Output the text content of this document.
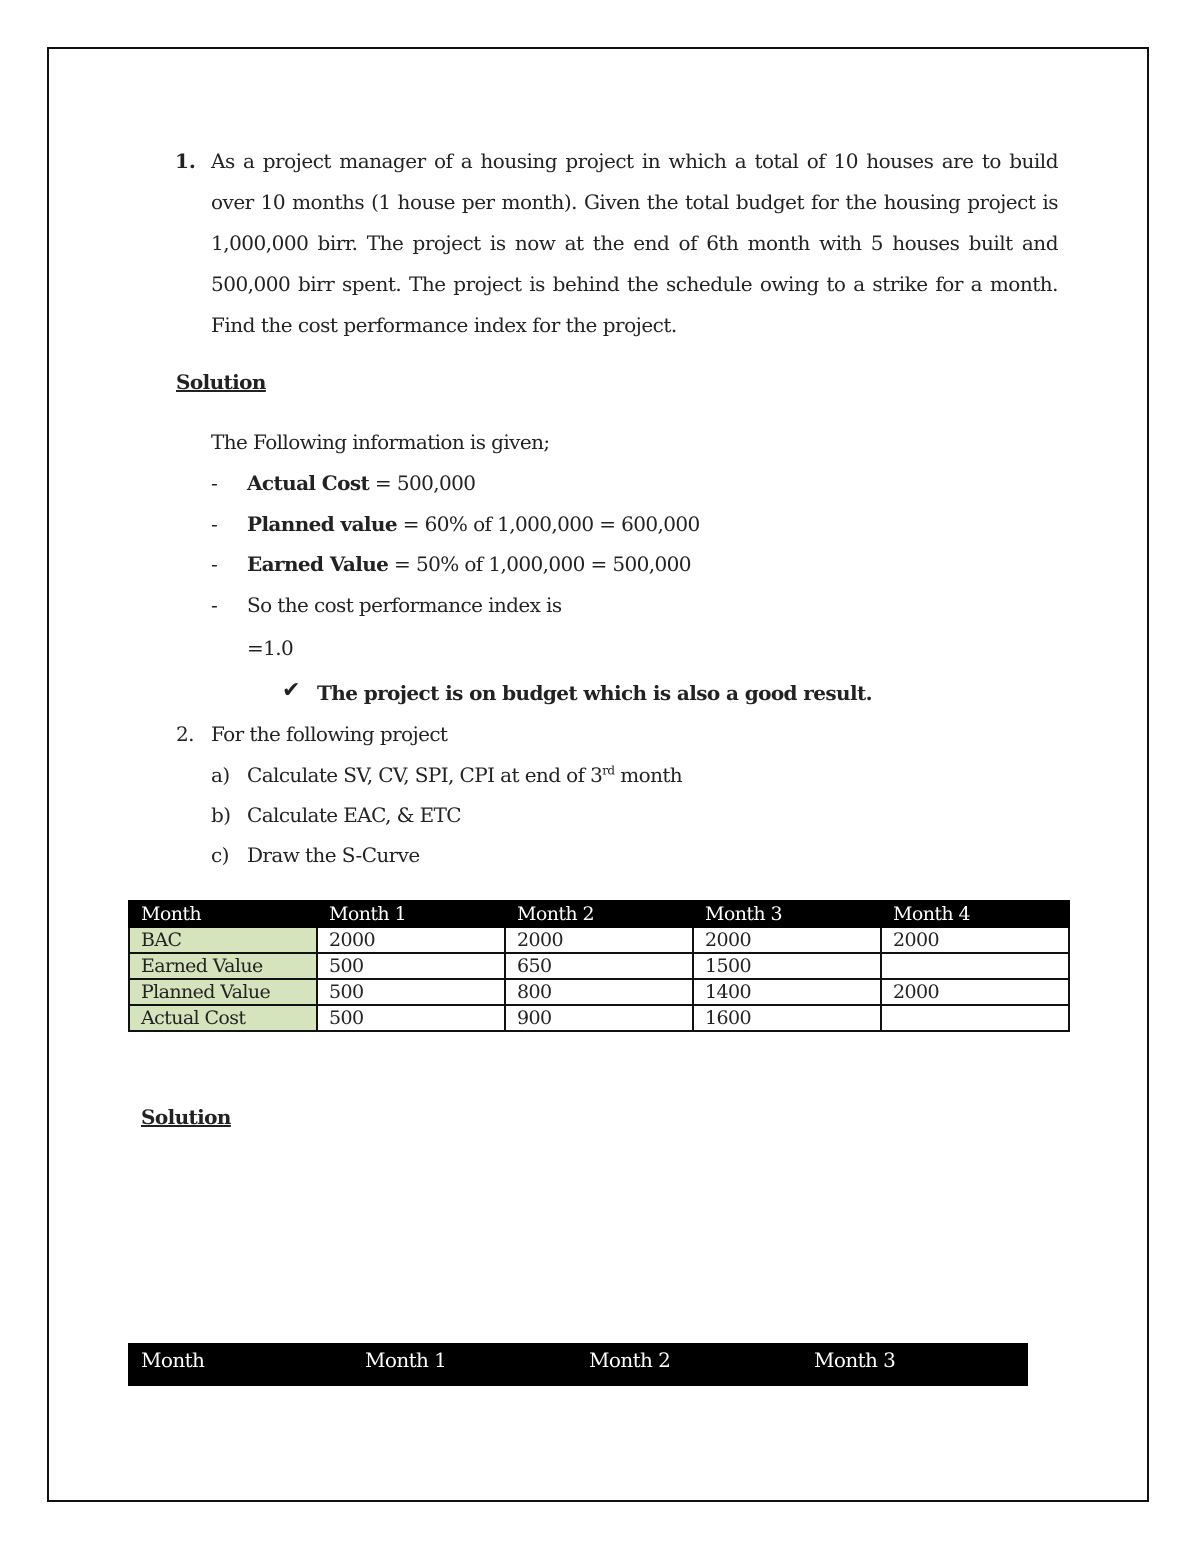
1. As a project manager of a housing project in which a total of 10 houses are to build over 10 months (1 house per month). Given the total budget for the housing project is 1,000,000 birr. The project is now at the end of 6th month with 5 houses built and 500,000 birr spent. The project is behind the schedule owing to a strike for a month. Find the cost performance index for the project.
Solution
The Following information is given;
- Actual Cost = 500,000
- Planned value = 60% of 1,000,000 = 600,000
- Earned Value = 50% of 1,000,000 = 500,000
- So the cost performance index is
=1.0
✔ The project is on budget which is also a good result.
2. For the following project
a) Calculate SV, CV, SPI, CPI at end of 3rd month
b) Calculate EAC, & ETC
c) Draw the S-Curve
Month	Month 1	Month 2	Month 3	Month 4
BAC	2000	2000	2000	2000
Earned Value	500	650	1500	
Planned Value	500	800	1400	2000
Actual Cost	500	900	1600	
Solution
Month	Month 1	Month 2	Month 3
